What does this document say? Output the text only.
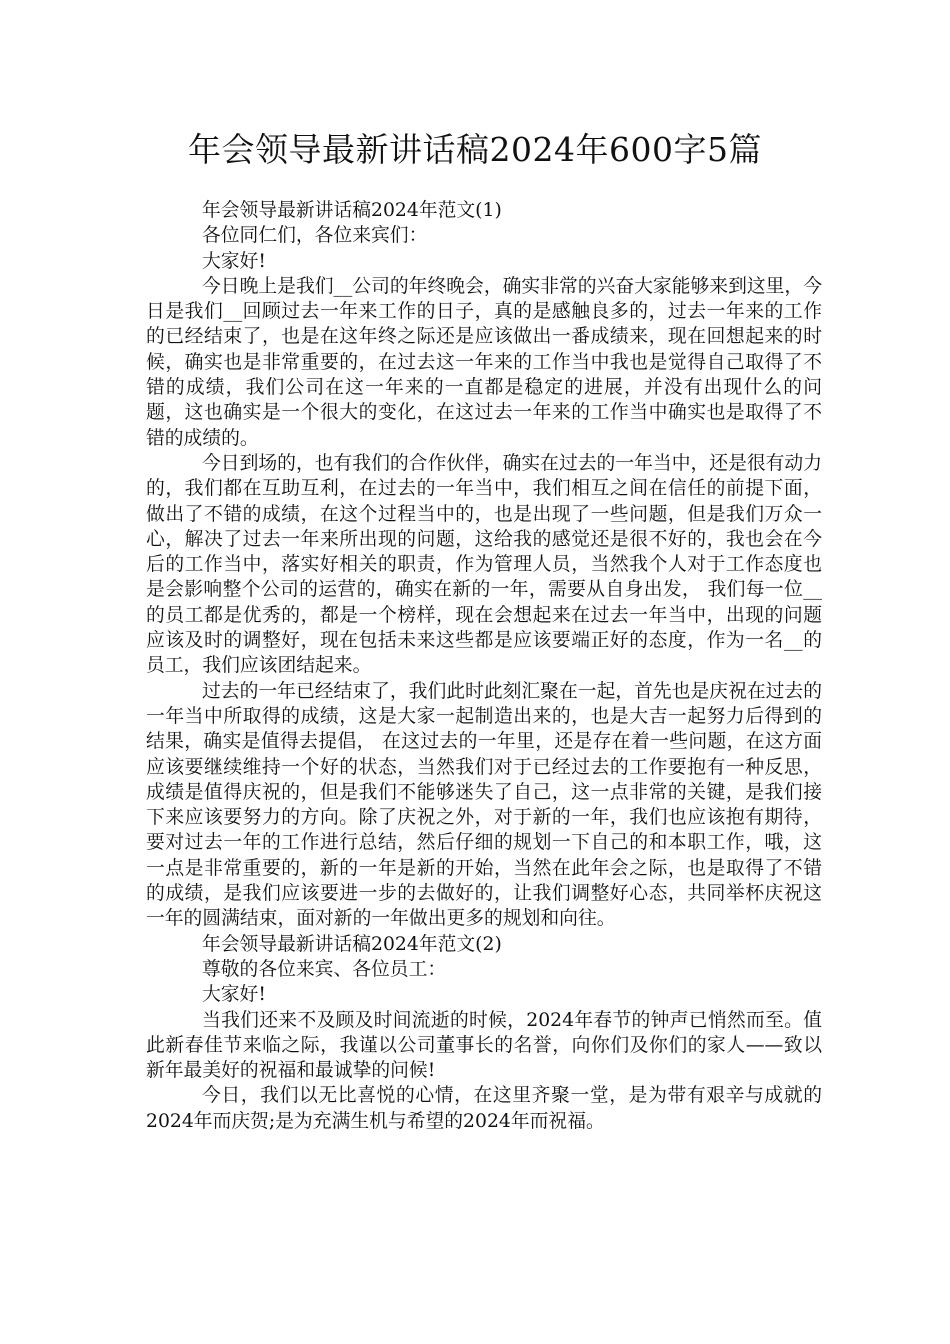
年会领导最新讲话稿2024年600字5篇

年会领导最新讲话稿2024年范文(1)

各位同仁们，各位来宾们：

大家好!

今日晚上是我们__公司的年终晚会，确实非常的兴奋大家能够来到这里，今日是我们__回顾过去一年来工作的日子，真的是感触良多的，过去一年来的工作的已经结束了，也是在这年终之际还是应该做出一番成绩来，现在回想起来的时候，确实也是非常重要的，在过去这一年来的工作当中我也是觉得自己取得了不错的成绩，我们公司在这一年来的一直都是稳定的进展，并没有出现什么的问题，这也确实是一个很大的变化，在这过去一年来的工作当中确实也是取得了不错的成绩的。

今日到场的，也有我们的合作伙伴，确实在过去的一年当中，还是很有动力的，我们都在互助互利，在过去的一年当中，我们相互之间在信任的前提下面，做出了不错的成绩，在这个过程当中的，也是出现了一些问题，但是我们万众一心，解决了过去一年来所出现的问题，这给我的感觉还是很不好的，我也会在今后的工作当中，落实好相关的职责，作为管理人员，当然我个人对于工作态度也是会影响整个公司的运营的，确实在新的一年，需要从自身出发， 我们每一位__的员工都是优秀的，都是一个榜样，现在会想起来在过去一年当中，出现的问题应该及时的调整好，现在包括未来这些都是应该要端正好的态度，作为一名__的员工，我们应该团结起来。

过去的一年已经结束了，我们此时此刻汇聚在一起，首先也是庆祝在过去的一年当中所取得的成绩，这是大家一起制造出来的，也是大吉一起努力后得到的结果，确实是值得去提倡， 在这过去的一年里，还是存在着一些问题，在这方面应该要继续维持一个好的状态，当然我们对于已经过去的工作要抱有一种反思，成绩是值得庆祝的，但是我们不能够迷失了自己，这一点非常的关键，是我们接下来应该要努力的方向。除了庆祝之外，对于新的一年，我们也应该抱有期待，要对过去一年的工作进行总结，然后仔细的规划一下自己的和本职工作，哦，这一点是非常重要的，新的一年是新的开始，当然在此年会之际，也是取得了不错的成绩，是我们应该要进一步的去做好的，让我们调整好心态，共同举杯庆祝这一年的圆满结束，面对新的一年做出更多的规划和向往。

年会领导最新讲话稿2024年范文(2)

尊敬的各位来宾、各位员工：

大家好!

当我们还来不及顾及时间流逝的时候，2024年春节的钟声已悄然而至。值此新春佳节来临之际，我谨以公司董事长的名誉，向你们及你们的家人——致以新年最美好的祝福和最诚挚的问候!

今日，我们以无比喜悦的心情，在这里齐聚一堂，是为带有艰辛与成就的2024年而庆贺;是为充满生机与希望的2024年而祝福。
